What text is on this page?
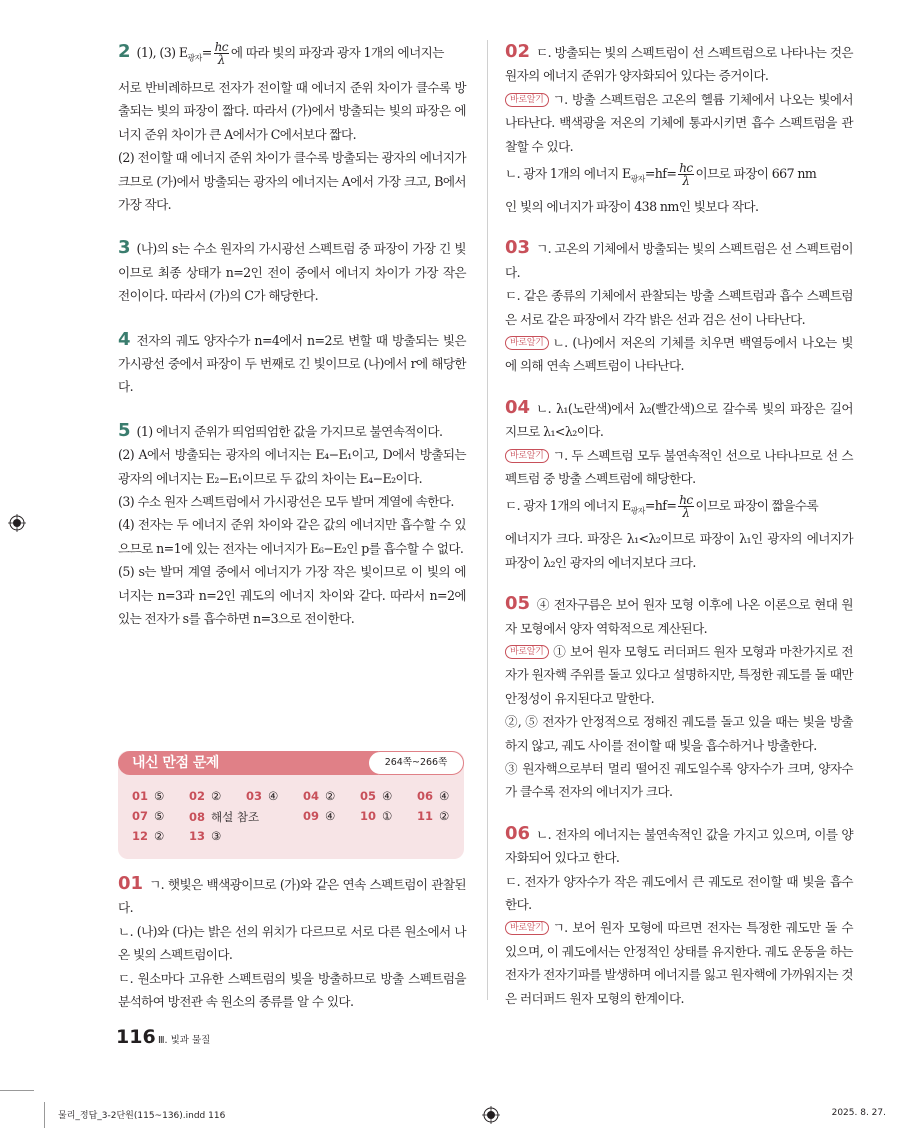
2 (1), (3) $E_{광자}= \frac{hc}{\lambda}$ 에 따라 빛의 파장과 광자 1개의 에너지는

서로 반비례하므로 전자가 전이할 때 에너지 준위 차이가 클수록 방출되는 빛의 파장이 짧다. 따라서 (가)에서 방출되는 빛의 파장은 에너지 준위 차이가 큰 A에서가 C에서보다 짧다.

(2) 전이할 때 에너지 준위 차이가 클수록 방출되는 광자의 에너지가 크므로 (가)에서 방출되는 광자의 에너지는 A에서 가장 크고, B에서 가장 작다.

3 (나)의 s는 수소 원자의 가시광선 스펙트럼 중 파장이 가장 긴 빛이므로 최종 상태가 n=2인 전이 중에서 에너지 차이가 가장 작은 전이이다. 따라서 (가)의 C가 해당한다.

4 전자의 궤도 양자수가 n=4에서 n=2로 변할 때 방출되는 빛은 가시광선 중에서 파장이 두 번째로 긴 빛이므로 (나)에서 r에 해당한다.

5 (1) 에너지 준위가 띄엄띄엄한 값을 가지므로 불연속적이다.

(2) A에서 방출되는 광자의 에너지는 E₄−E₁이고, D에서 방출되는 광자의 에너지는 E₂−E₁이므로 두 값의 차이는 E₄−E₂이다.

(3) 수소 원자 스펙트럼에서 가시광선은 모두 발머 계열에 속한다.

(4) 전자는 두 에너지 준위 차이와 같은 값의 에너지만 흡수할 수 있으므로 n=1에 있는 전자는 에너지가 E₆−E₂인 p를 흡수할 수 없다.

(5) s는 발머 계열 중에서 에너지가 가장 작은 빛이므로 이 빛의 에너지는 n=3과 n=2인 궤도의 에너지 차이와 같다. 따라서 n=2에 있는 전자가 s를 흡수하면 n=3으로 전이한다.

내신 만점 문제	264쪽~266쪽
01 ⑤ 02 ② 03 ④ 04 ② 05 ④ 06 ④
07 ⑤ 08 해설 참조	09 ④ 10 ① 11 ②
12 ② 13 ③

01 ㄱ. 햇빛은 백색광이므로 (가)와 같은 연속 스펙트럼이 관찰된다.

ㄴ. (나)와 (다)는 밝은 선의 위치가 다르므로 서로 다른 원소에서 나온 빛의 스펙트럼이다.

ㄷ. 원소마다 고유한 스펙트럼의 빛을 방출하므로 방출 스펙트럼을 분석하여 방전관 속 원소의 종류를 알 수 있다.

02 ㄷ. 방출되는 빛의 스펙트럼이 선 스펙트럼으로 나타나는 것은 원자의 에너지 준위가 양자화되어 있다는 증거이다.

바로알기 ㄱ. 방출 스펙트럼은 고온의 헬륨 기체에서 나오는 빛에서 나타난다. 백색광을 저온의 기체에 통과시키면 흡수 스펙트럼을 관찰할 수 있다.

ㄴ. 광자 1개의 에너지 $E_{광자}=hf= \frac{hc}{\lambda}$ 이므로 파장이 667 nm

인 빛의 에너지가 파장이 438 nm인 빛보다 작다.

03 ㄱ. 고온의 기체에서 방출되는 빛의 스펙트럼은 선 스펙트럼이다.

ㄷ. 같은 종류의 기체에서 관찰되는 방출 스펙트럼과 흡수 스펙트럼은 서로 같은 파장에서 각각 밝은 선과 검은 선이 나타난다.

바로알기 ㄴ. (나)에서 저온의 기체를 치우면 백열등에서 나오는 빛에 의해 연속 스펙트럼이 나타난다.

04 ㄴ. λ₁(노란색)에서 λ₂(빨간색)으로 갈수록 빛의 파장은 길어지므로 λ₁<λ₂이다.

바로알기 ㄱ. 두 스펙트럼 모두 불연속적인 선으로 나타나므로 선 스펙트럼 중 방출 스펙트럼에 해당한다.

ㄷ. 광자 1개의 에너지 $E_{광자}=hf= \frac{hc}{\lambda}$ 이므로 파장이 짧을수록

에너지가 크다. 파장은 λ₁<λ₂이므로 파장이 λ₁인 광자의 에너지가 파장이 λ₂인 광자의 에너지보다 크다.

05 ④ 전자구름은 보어 원자 모형 이후에 나온 이론으로 현대 원자 모형에서 양자 역학적으로 계산된다.

바로알기 ① 보어 원자 모형도 러더퍼드 원자 모형과 마찬가지로 전자가 원자핵 주위를 돌고 있다고 설명하지만, 특정한 궤도를 돌 때만 안정성이 유지된다고 말한다.

②, ⑤ 전자가 안정적으로 정해진 궤도를 돌고 있을 때는 빛을 방출하지 않고, 궤도 사이를 전이할 때 빛을 흡수하거나 방출한다.

③ 원자핵으로부터 멀리 떨어진 궤도일수록 양자수가 크며, 양자수가 클수록 전자의 에너지가 크다.

06 ㄴ. 전자의 에너지는 불연속적인 값을 가지고 있으며, 이를 양자화되어 있다고 한다.

ㄷ. 전자가 양자수가 작은 궤도에서 큰 궤도로 전이할 때 빛을 흡수한다.

바로알기 ㄱ. 보어 원자 모형에 따르면 전자는 특정한 궤도만 돌 수 있으며, 이 궤도에서는 안정적인 상태를 유지한다. 궤도 운동을 하는 전자가 전자기파를 발생하며 에너지를 잃고 원자핵에 가까워지는 것은 러더퍼드 원자 모형의 한계이다.

116 Ⅲ. 빛과 물질
물리_정답_3-2단원(115~136).indd 116	2025. 8. 27.
